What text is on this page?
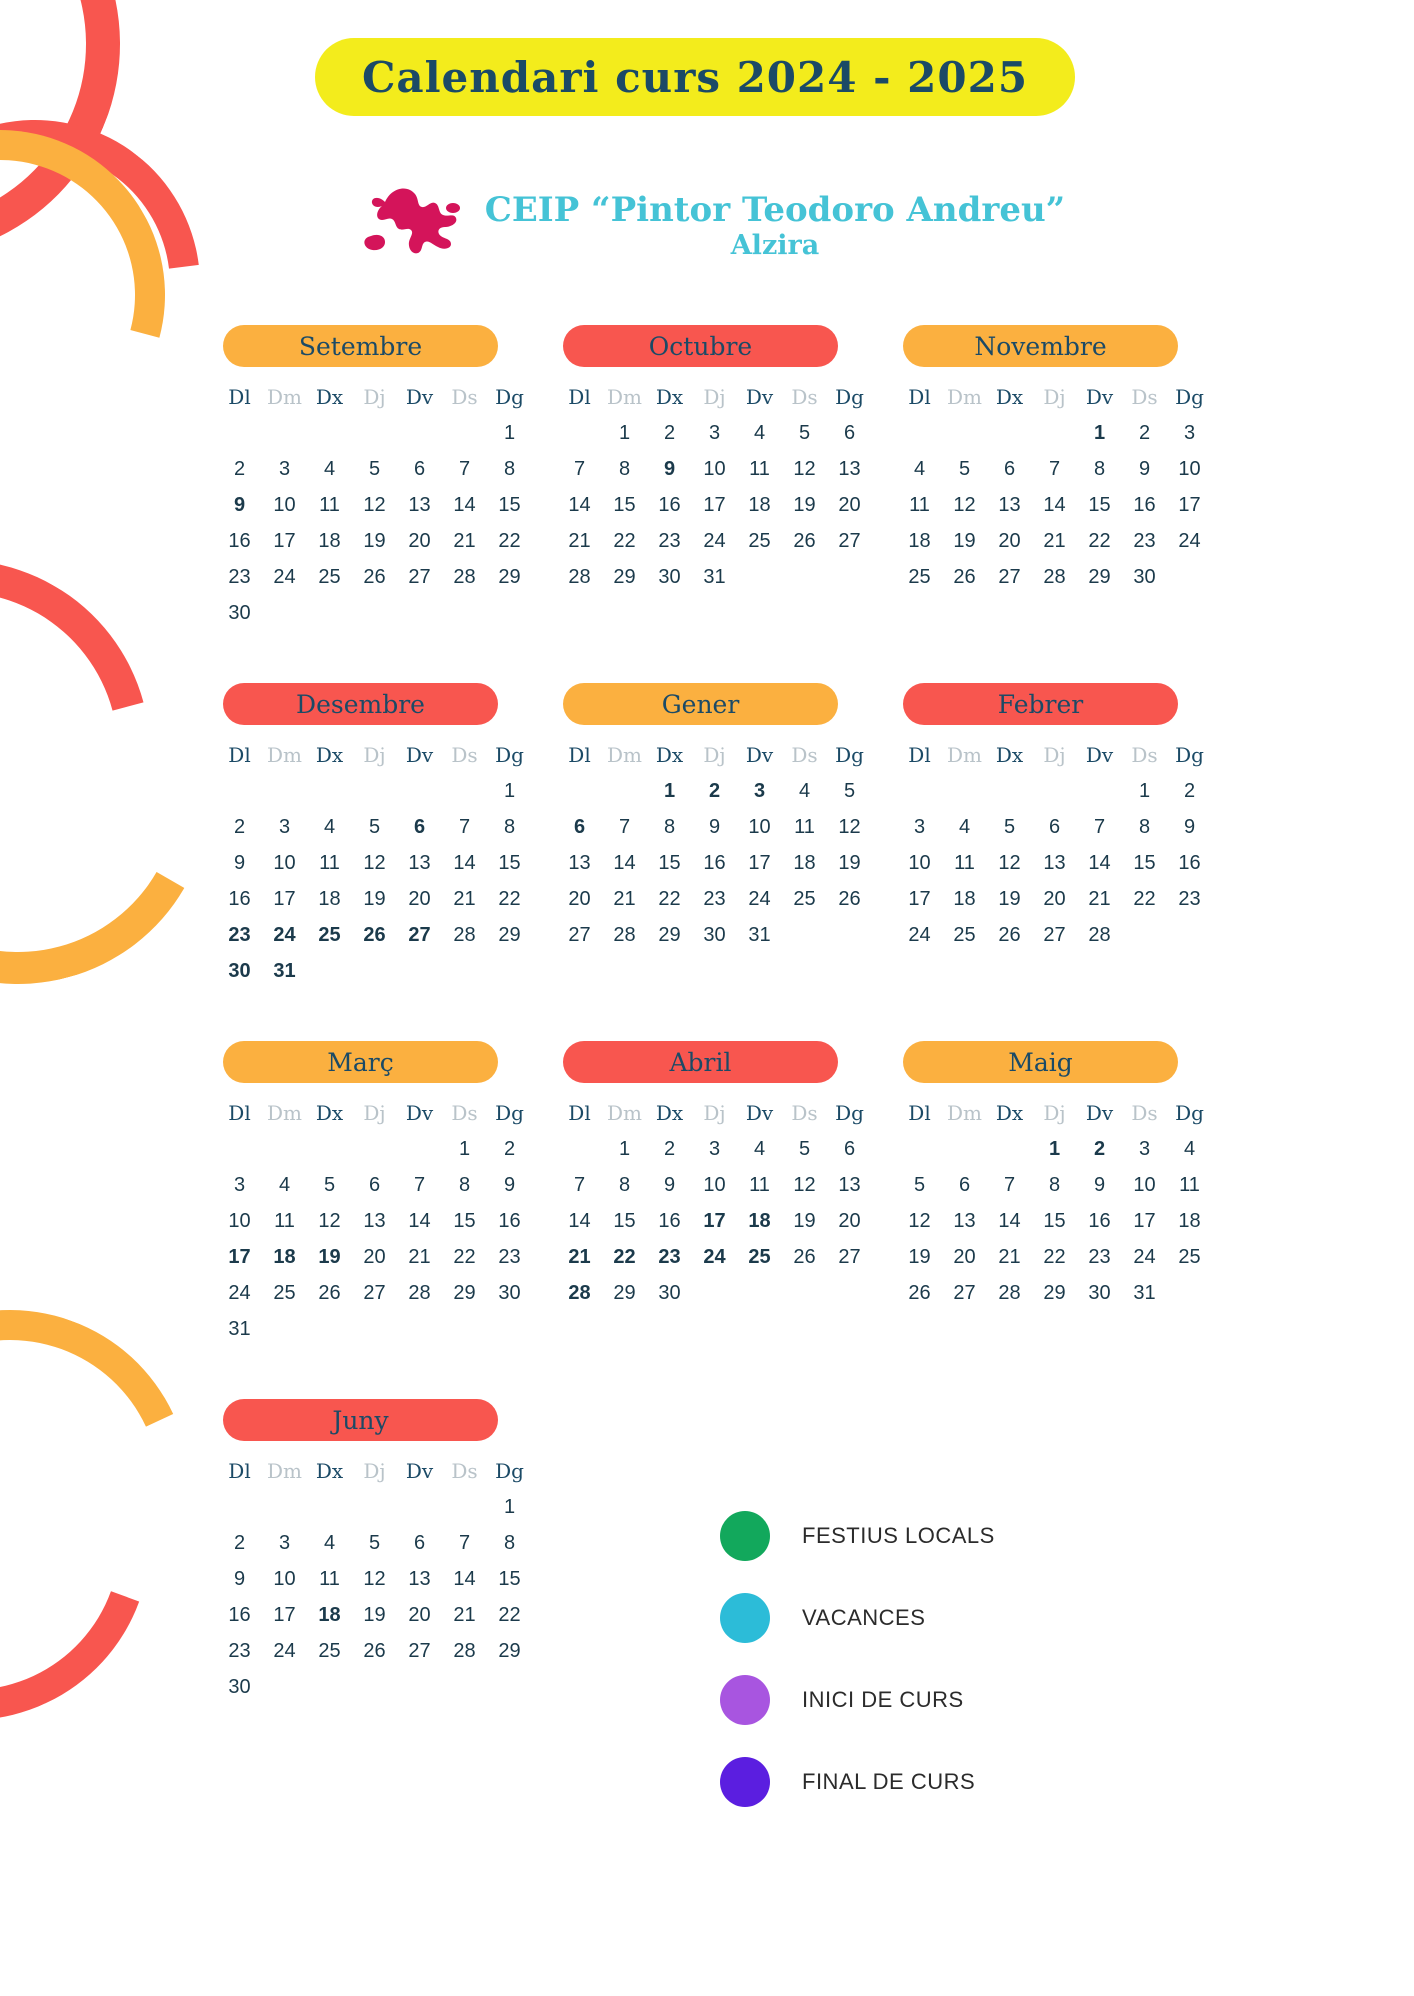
Calendari curs 2024 - 2025
CEIP “Pintor Teodoro Andreu”
Alzira
Setembre
Dl	Dm	Dx	Dj	Dv	Ds	Dg
						1
2	3	4	5	6	7	8
9	10	11	12	13	14	15
16	17	18	19	20	21	22
23	24	25	26	27	28	29
30						
Octubre
Dl	Dm	Dx	Dj	Dv	Ds	Dg
	1	2	3	4	5	6
7	8	9	10	11	12	13
14	15	16	17	18	19	20
21	22	23	24	25	26	27
28	29	30	31			
Novembre
Dl	Dm	Dx	Dj	Dv	Ds	Dg
				1	2	3
4	5	6	7	8	9	10
11	12	13	14	15	16	17
18	19	20	21	22	23	24
25	26	27	28	29	30	
Desembre
Dl	Dm	Dx	Dj	Dv	Ds	Dg
						1
2	3	4	5	6	7	8
9	10	11	12	13	14	15
16	17	18	19	20	21	22
23	24	25	26	27	28	29
30	31					
Gener
Dl	Dm	Dx	Dj	Dv	Ds	Dg
		1	2	3	4	5
6	7	8	9	10	11	12
13	14	15	16	17	18	19
20	21	22	23	24	25	26
27	28	29	30	31		
Febrer
Dl	Dm	Dx	Dj	Dv	Ds	Dg
					1	2
3	4	5	6	7	8	9
10	11	12	13	14	15	16
17	18	19	20	21	22	23
24	25	26	27	28		
Març
Dl	Dm	Dx	Dj	Dv	Ds	Dg
					1	2
3	4	5	6	7	8	9
10	11	12	13	14	15	16
17	18	19	20	21	22	23
24	25	26	27	28	29	30
31						
Abril
Dl	Dm	Dx	Dj	Dv	Ds	Dg
	1	2	3	4	5	6
7	8	9	10	11	12	13
14	15	16	17	18	19	20
21	22	23	24	25	26	27
28	29	30				
Maig
Dl	Dm	Dx	Dj	Dv	Ds	Dg
			1	2	3	4
5	6	7	8	9	10	11
12	13	14	15	16	17	18
19	20	21	22	23	24	25
26	27	28	29	30	31	
Juny
Dl	Dm	Dx	Dj	Dv	Ds	Dg
						1
2	3	4	5	6	7	8
9	10	11	12	13	14	15
16	17	18	19	20	21	22
23	24	25	26	27	28	29
30						
FESTIUS LOCALS
VACANCES
INICI DE CURS
FINAL DE CURS
